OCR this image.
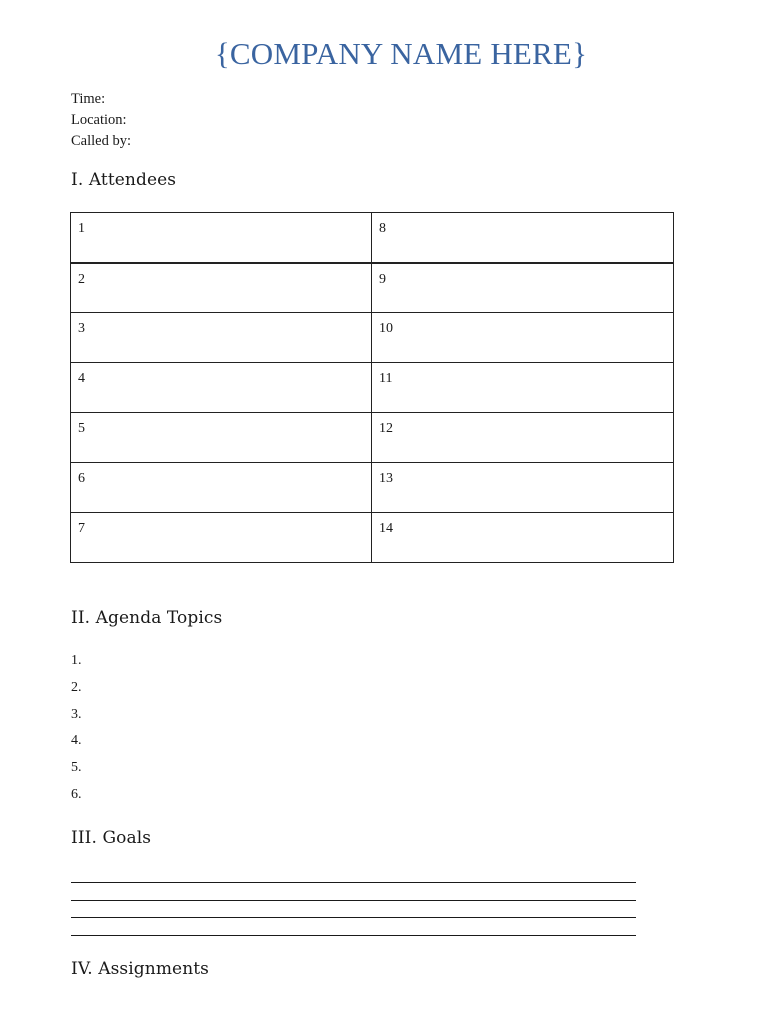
{COMPANY NAME HERE}
Time:
Location:
Called by:
I. Attendees
1	8
2	9
3	10
4	11
5	12
6	13
7	14
II. Agenda Topics
1.
2.
3.
4.
5.
6.
III. Goals
IV. Assignments
